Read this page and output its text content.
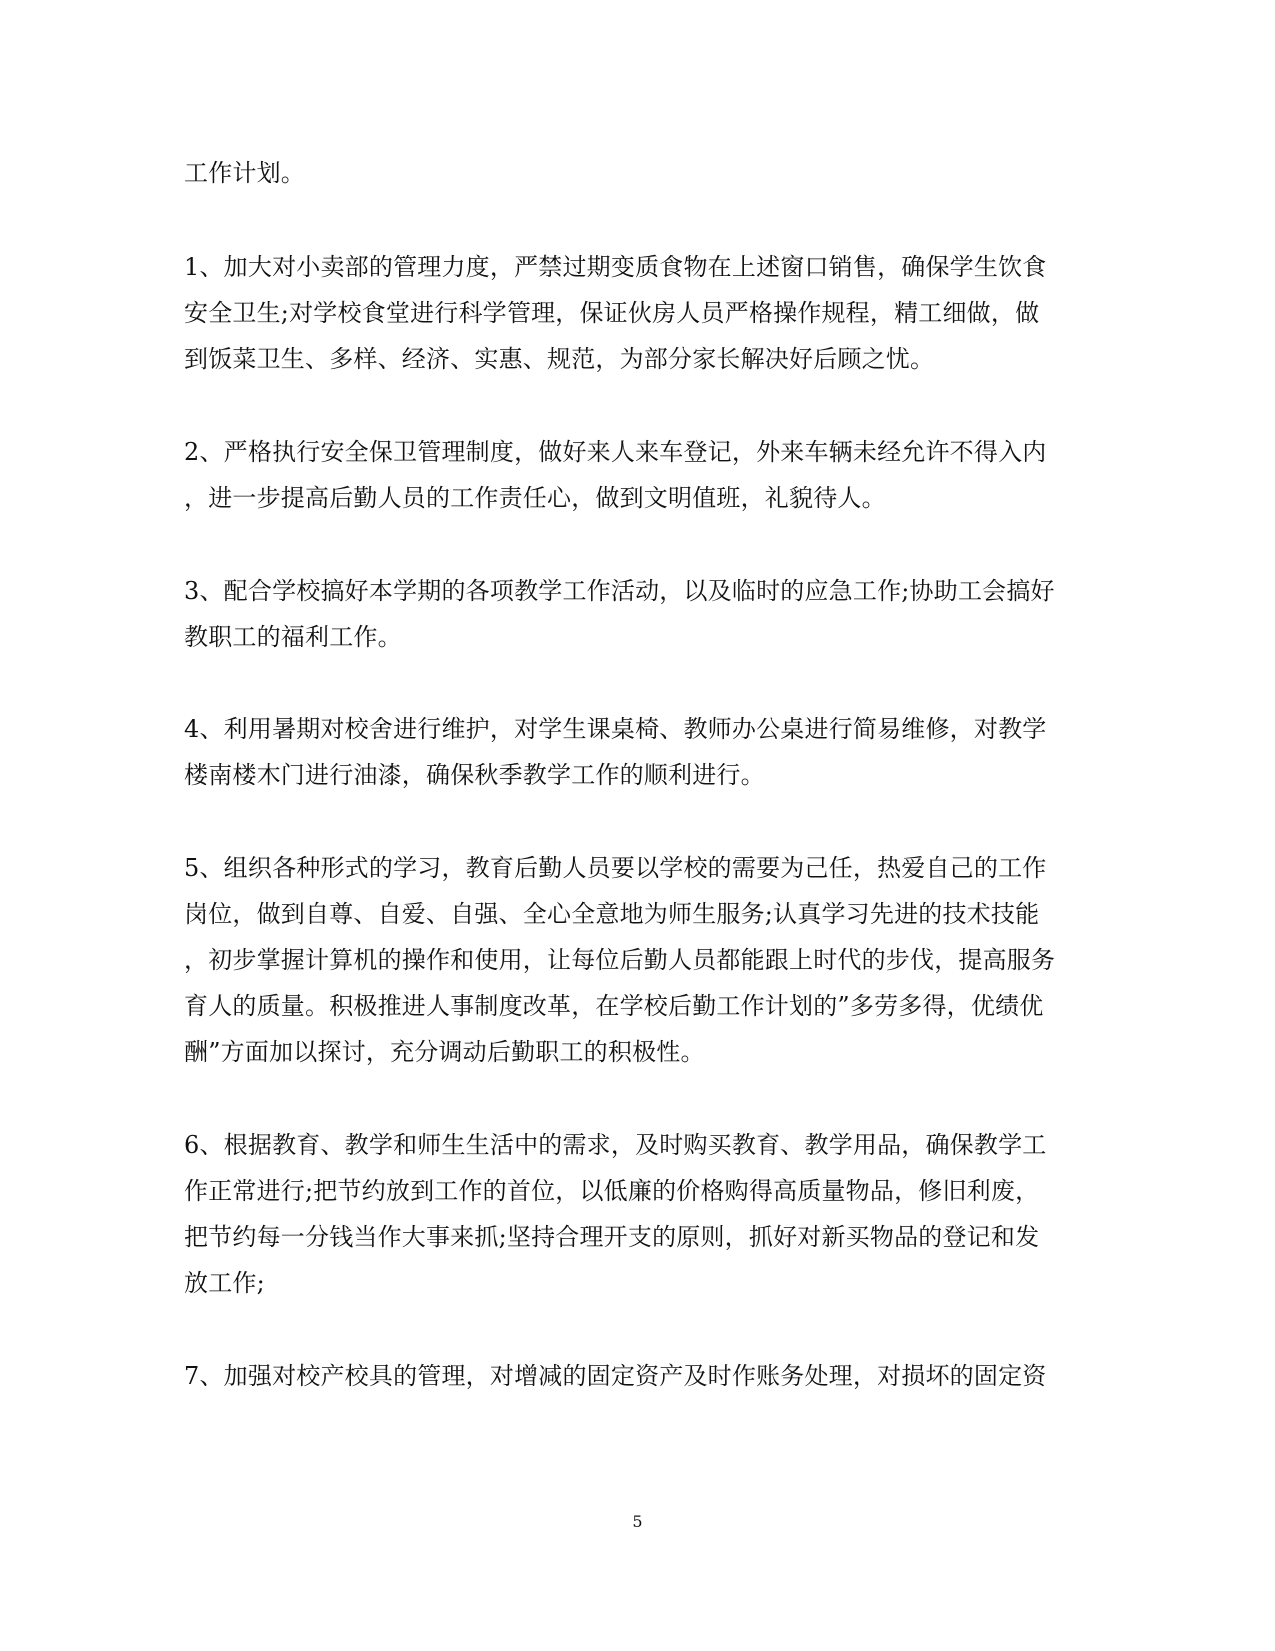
工作计划。
1、加大对小卖部的管理力度，严禁过期变质食物在上述窗口销售，确保学生饮食
安全卫生;对学校食堂进行科学管理，保证伙房人员严格操作规程，精工细做，做
到饭菜卫生、多样、经济、实惠、规范，为部分家长解决好后顾之忧。
2、严格执行安全保卫管理制度，做好来人来车登记，外来车辆未经允许不得入内
，进一步提高后勤人员的工作责任心，做到文明值班，礼貌待人。
3、配合学校搞好本学期的各项教学工作活动，以及临时的应急工作;协助工会搞好
教职工的福利工作。
4、利用暑期对校舍进行维护，对学生课桌椅、教师办公桌进行简易维修，对教学
楼南楼木门进行油漆，确保秋季教学工作的顺利进行。
5、组织各种形式的学习，教育后勤人员要以学校的需要为己任，热爱自己的工作
岗位，做到自尊、自爱、自强、全心全意地为师生服务;认真学习先进的技术技能
，初步掌握计算机的操作和使用，让每位后勤人员都能跟上时代的步伐，提高服务
育人的质量。积极推进人事制度改革，在学校后勤工作计划的”多劳多得，优绩优
酬”方面加以探讨，充分调动后勤职工的积极性。
6、根据教育、教学和师生生活中的需求，及时购买教育、教学用品，确保教学工
作正常进行;把节约放到工作的首位，以低廉的价格购得高质量物品，修旧利废，
把节约每一分钱当作大事来抓;坚持合理开支的原则，抓好对新买物品的登记和发
放工作;
7、加强对校产校具的管理，对增减的固定资产及时作账务处理，对损坏的固定资
5
